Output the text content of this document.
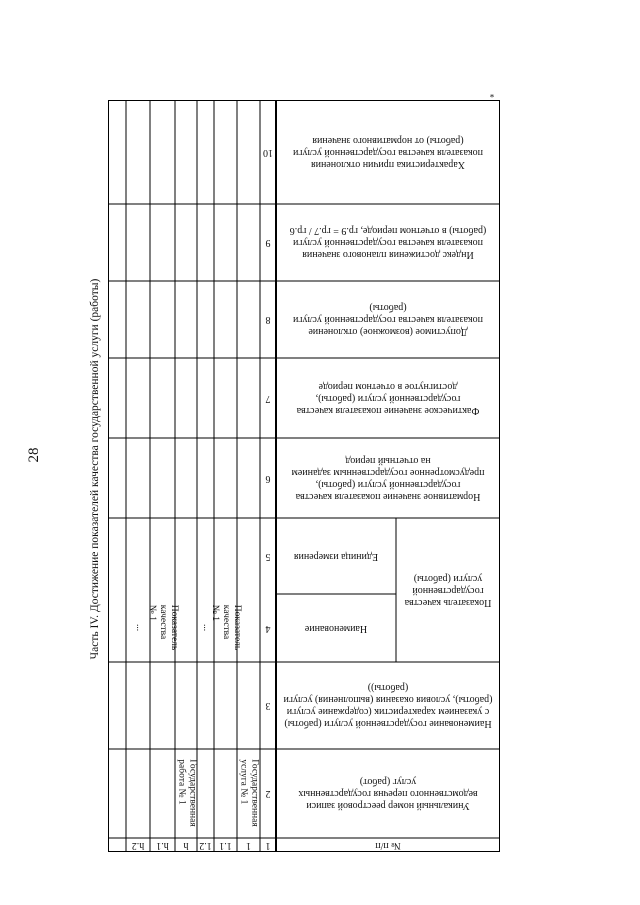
28	Часть IV. Достижение показателей качества государственной услуги (работы)
*
№ п/п
Уникальный номер реестровой записи ведомственного перечня государственных услуг (работ)
Наименование государственной услуги (работы) с указанием характеристик (содержание услуги (работы), условия оказания (выполнения) услуги (работы))
Показатель качества государственной услуги (работы)
Наименование
Единица измерения
Нормативное значение показателя качества государственной услуги (работы), предусмотренное государственным заданием на отчетный период
Фактическое значение показателя качества государственной услуги (работы), достигнутое в отчетном периоде
Допустимое (возможное) отклонение показателя качества государственной услуги (работы)
Индекс достижения планового значения показателя качества государственной услуги (работы) в отчетном периоде, гр.9 = гр.7 / гр.6
Характеристика причин отклонения показателя качества государственной услуги (работы) от нормативного значения
1
2
3
4
5
6
7
8
9
10
1
1.1
1.2
h
h.1
h.2
Государственная услуга № 1
Государственная работа № 1
Показатель качества № 1
...
Показатель качества № 1
...
